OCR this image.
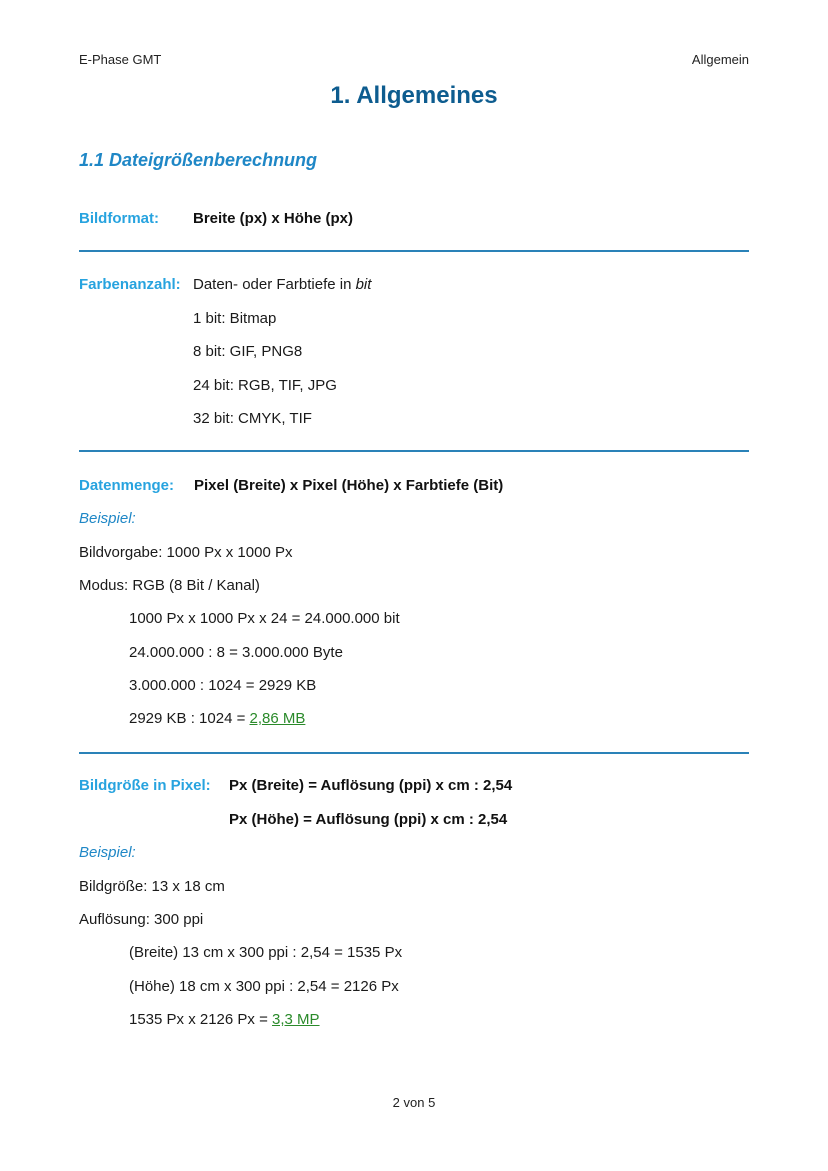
E-Phase GMT	Allgemein
1. Allgemeines
1.1 Dateigrößenberechnung
Bildformat: Breite (px) x Höhe (px)
Farbenanzahl: Daten- oder Farbtiefe in bit
1 bit: Bitmap
8 bit: GIF, PNG8
24 bit: RGB, TIF, JPG
32 bit: CMYK, TIF
Datenmenge: Pixel (Breite) x Pixel (Höhe) x Farbtiefe (Bit)
Beispiel:
Bildvorgabe: 1000 Px x 1000 Px
Modus: RGB (8 Bit / Kanal)
1000 Px x 1000 Px x 24 = 24.000.000 bit
24.000.000 : 8 = 3.000.000 Byte
3.000.000 : 1024 = 2929 KB
2929 KB : 1024 = 2,86 MB
Bildgröße in Pixel: Px (Breite) = Auflösung (ppi) x cm : 2,54
Px (Höhe) = Auflösung (ppi) x cm : 2,54
Beispiel:
Bildgröße: 13 x 18 cm
Auflösung: 300 ppi
(Breite) 13 cm x 300 ppi : 2,54 = 1535 Px
(Höhe) 18 cm x 300 ppi : 2,54 = 2126 Px
1535 Px x 2126 Px = 3,3 MP
2 von 5
